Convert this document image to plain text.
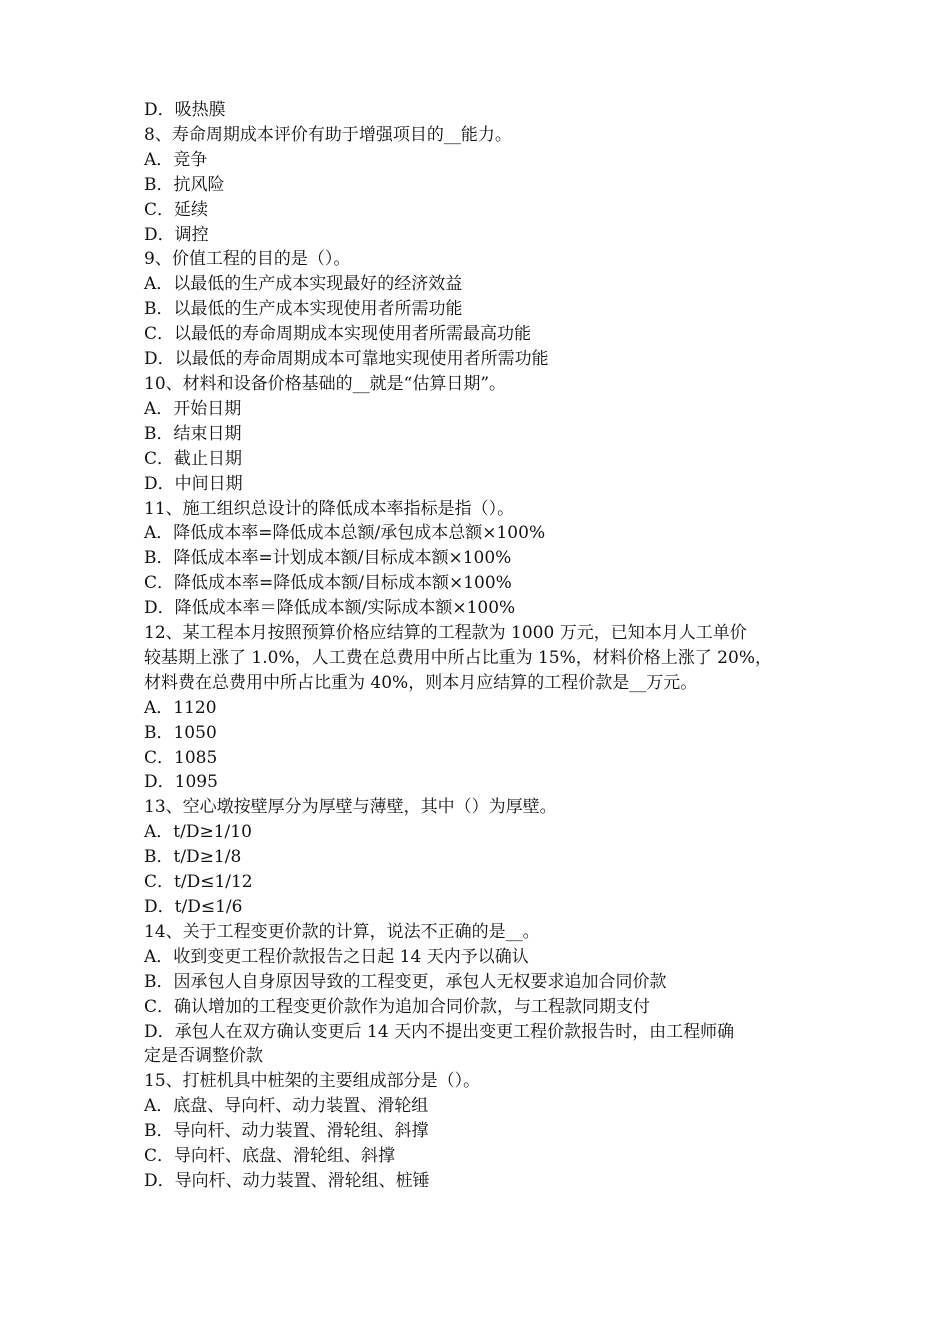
D．吸热膜
8、寿命周期成本评价有助于增强项目的__能力。
A．竞争
B．抗风险
C．延续
D．调控
9、价值工程的目的是（）。
A．以最低的生产成本实现最好的经济效益
B．以最低的生产成本实现使用者所需功能
C．以最低的寿命周期成本实现使用者所需最高功能
D．以最低的寿命周期成本可靠地实现使用者所需功能
10、材料和设备价格基础的__就是“估算日期”。
A．开始日期
B．结束日期
C．截止日期
D．中间日期
11、施工组织总设计的降低成本率指标是指（）。
A．降低成本率=降低成本总额/承包成本总额×100%
B．降低成本率=计划成本额/目标成本额×100%
C．降低成本率=降低成本额/目标成本额×100%
D．降低成本率＝降低成本额/实际成本额×100%
12、某工程本月按照预算价格应结算的工程款为 1000 万元，已知本月人工单价
较基期上涨了 1.0%，人工费在总费用中所占比重为 15%，材料价格上涨了 20%，
材料费在总费用中所占比重为 40%，则本月应结算的工程价款是__万元。
A．1120
B．1050
C．1085
D．1095
13、空心墩按壁厚分为厚壁与薄壁，其中（）为厚壁。
A．t/D≥1/10
B．t/D≥1/8
C．t/D≤1/12
D．t/D≤1/6
14、关于工程变更价款的计算，说法不正确的是__。
A．收到变更工程价款报告之日起 14 天内予以确认
B．因承包人自身原因导致的工程变更，承包人无权要求追加合同价款
C．确认增加的工程变更价款作为追加合同价款，与工程款同期支付
D．承包人在双方确认变更后 14 天内不提出变更工程价款报告时，由工程师确
定是否调整价款
15、打桩机具中桩架的主要组成部分是（）。
A．底盘、导向杆、动力装置、滑轮组
B．导向杆、动力装置、滑轮组、斜撑
C．导向杆、底盘、滑轮组、斜撑
D．导向杆、动力装置、滑轮组、桩锤
